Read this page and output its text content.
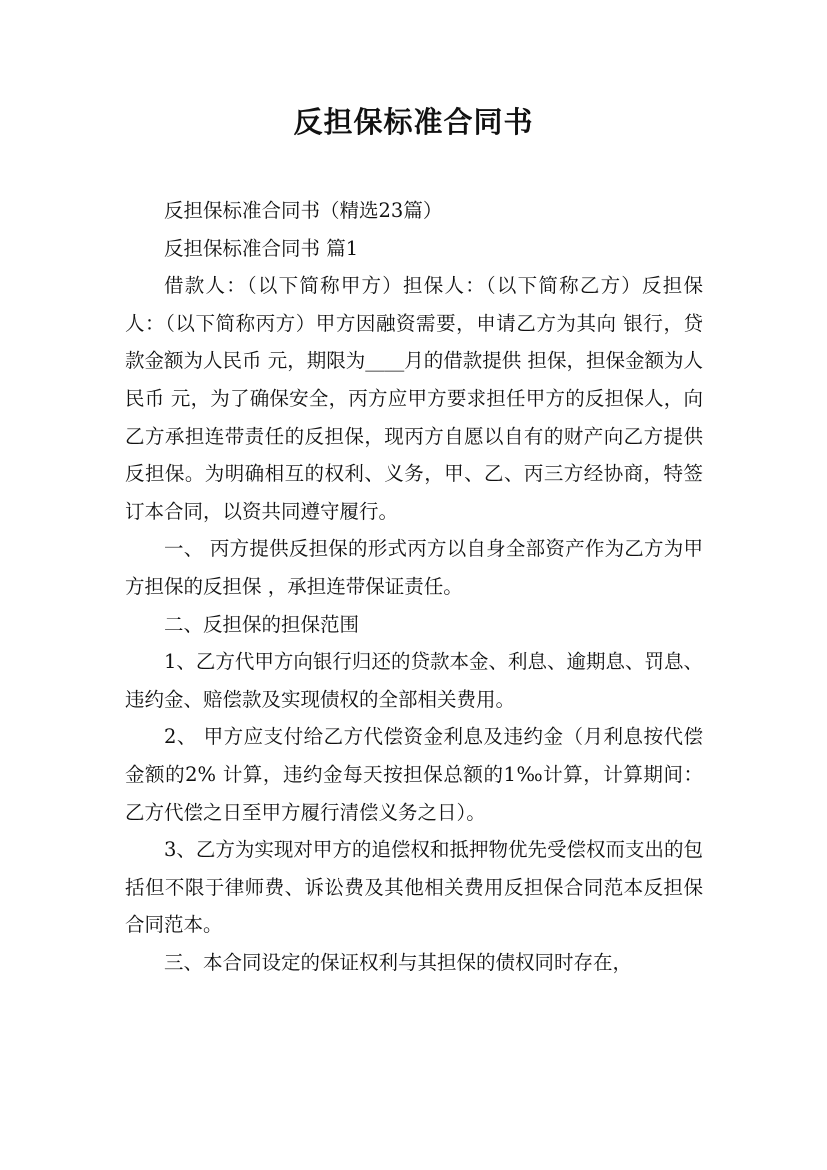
反担保标准合同书

反担保标准合同书（精选23篇）

反担保标准合同书 篇1

借款人：（以下简称甲方）担保人：（以下简称乙方）反担保人：（以下简称丙方）甲方因融资需要，申请乙方为其向 银行，贷款金额为人民币 元，期限为____月的借款提供 担保，担保金额为人民币 元，为了确保安全，丙方应甲方要求担任甲方的反担保人，向乙方承担连带责任的反担保，现丙方自愿以自有的财产向乙方提供反担保。为明确相互的权利、义务，甲、乙、丙三方经协商，特签订本合同，以资共同遵守履行。

一、 丙方提供反担保的形式丙方以自身全部资产作为乙方为甲方担保的反担保 ，承担连带保证责任。

二、反担保的担保范围

1、乙方代甲方向银行归还的贷款本金、利息、逾期息、罚息、违约金、赔偿款及实现债权的全部相关费用。

2、 甲方应支付给乙方代偿资金利息及违约金（月利息按代偿金额的2% 计算，违约金每天按担保总额的1‰计算，计算期间：乙方代偿之日至甲方履行清偿义务之日）。

3、乙方为实现对甲方的追偿权和抵押物优先受偿权而支出的包括但不限于律师费、诉讼费及其他相关费用反担保合同范本反担保合同范本。

三、本合同设定的保证权利与其担保的债权同时存在，
